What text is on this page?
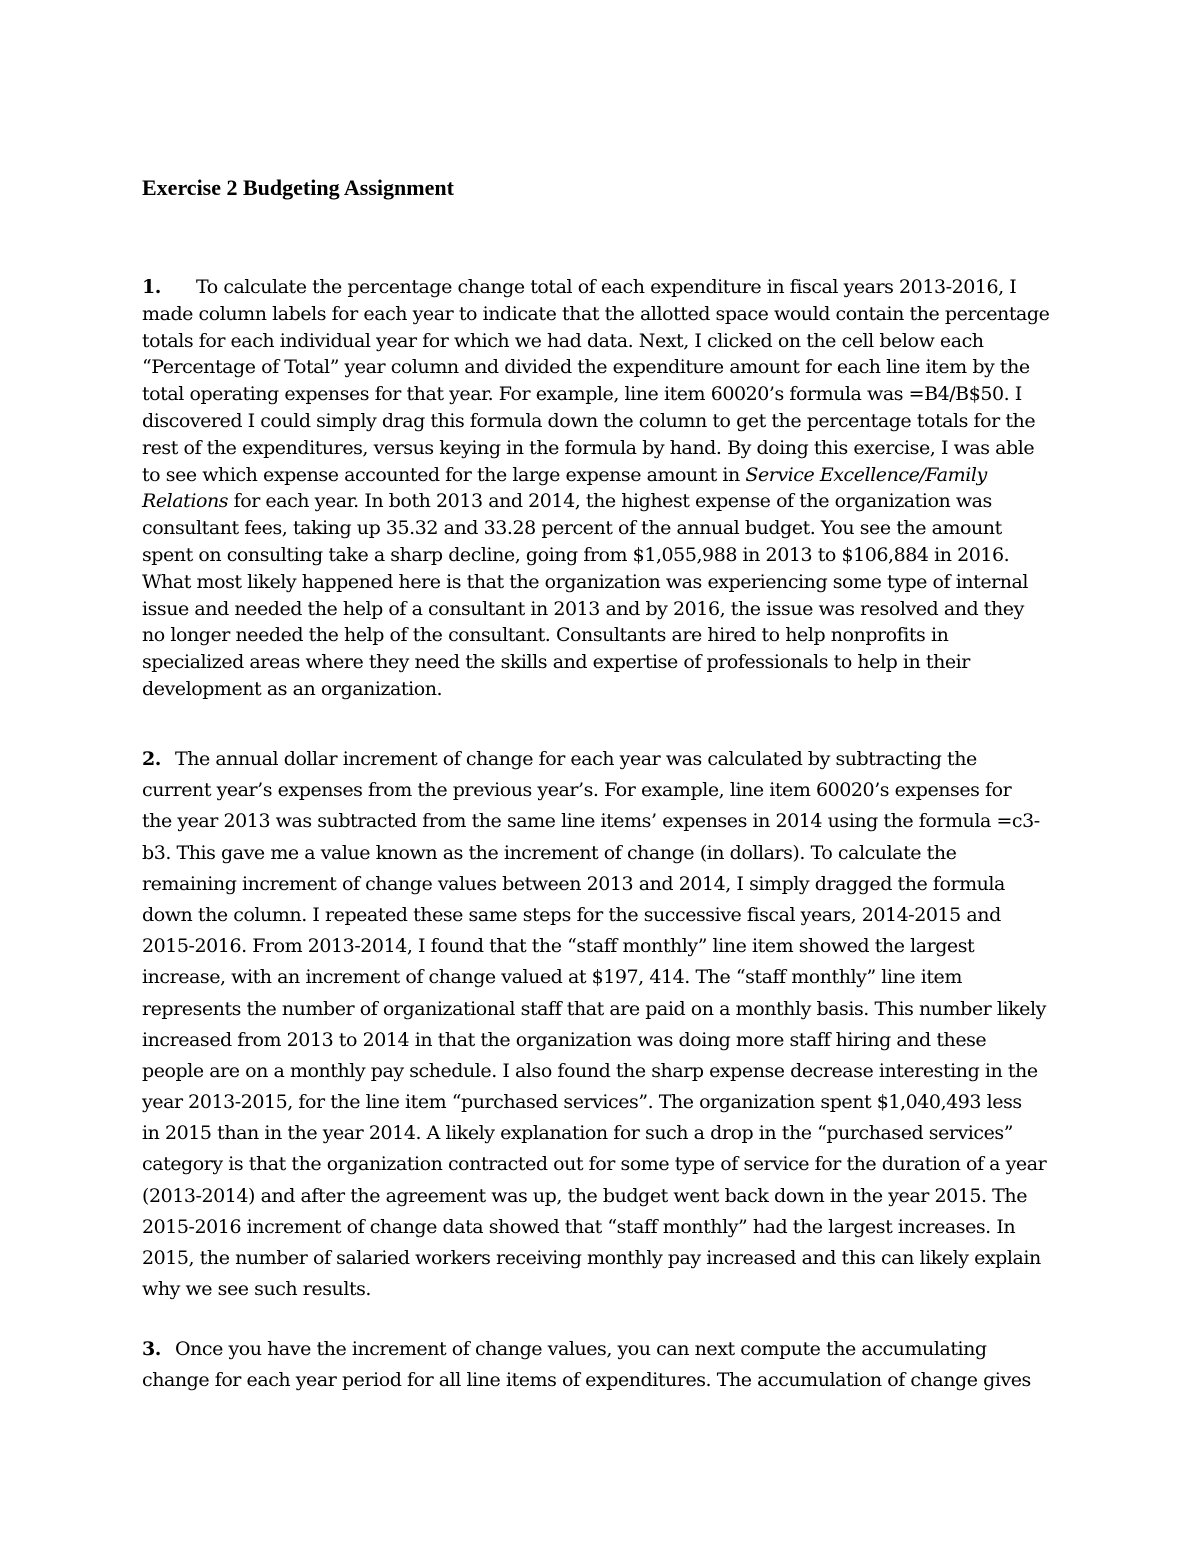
Exercise 2 Budgeting Assignment
1. To calculate the percentage change total of each expenditure in fiscal years 2013-2016, I
made column labels for each year to indicate that the allotted space would contain the percentage
totals for each individual year for which we had data. Next, I clicked on the cell below each
“Percentage of Total” year column and divided the expenditure amount for each line item by the
total operating expenses for that year. For example, line item 60020’s formula was =B4/B$50. I
discovered I could simply drag this formula down the column to get the percentage totals for the
rest of the expenditures, versus keying in the formula by hand. By doing this exercise, I was able
to see which expense accounted for the large expense amount in Service Excellence/Family
Relations for each year. In both 2013 and 2014, the highest expense of the organization was
consultant fees, taking up 35.32 and 33.28 percent of the annual budget. You see the amount
spent on consulting take a sharp decline, going from $1,055,988 in 2013 to $106,884 in 2016.
What most likely happened here is that the organization was experiencing some type of internal
issue and needed the help of a consultant in 2013 and by 2016, the issue was resolved and they
no longer needed the help of the consultant. Consultants are hired to help nonprofits in
specialized areas where they need the skills and expertise of professionals to help in their
development as an organization.
2. The annual dollar increment of change for each year was calculated by subtracting the
current year’s expenses from the previous year’s. For example, line item 60020’s expenses for
the year 2013 was subtracted from the same line items’ expenses in 2014 using the formula =c3-
b3. This gave me a value known as the increment of change (in dollars). To calculate the
remaining increment of change values between 2013 and 2014, I simply dragged the formula
down the column. I repeated these same steps for the successive fiscal years, 2014-2015 and
2015-2016. From 2013-2014, I found that the “staff monthly” line item showed the largest
increase, with an increment of change valued at $197, 414. The “staff monthly” line item
represents the number of organizational staff that are paid on a monthly basis. This number likely
increased from 2013 to 2014 in that the organization was doing more staff hiring and these
people are on a monthly pay schedule. I also found the sharp expense decrease interesting in the
year 2013-2015, for the line item “purchased services”. The organization spent $1,040,493 less
in 2015 than in the year 2014. A likely explanation for such a drop in the “purchased services”
category is that the organization contracted out for some type of service for the duration of a year
(2013-2014) and after the agreement was up, the budget went back down in the year 2015. The
2015-2016 increment of change data showed that “staff monthly” had the largest increases. In
2015, the number of salaried workers receiving monthly pay increased and this can likely explain
why we see such results.
3. Once you have the increment of change values, you can next compute the accumulating
change for each year period for all line items of expenditures. The accumulation of change gives
